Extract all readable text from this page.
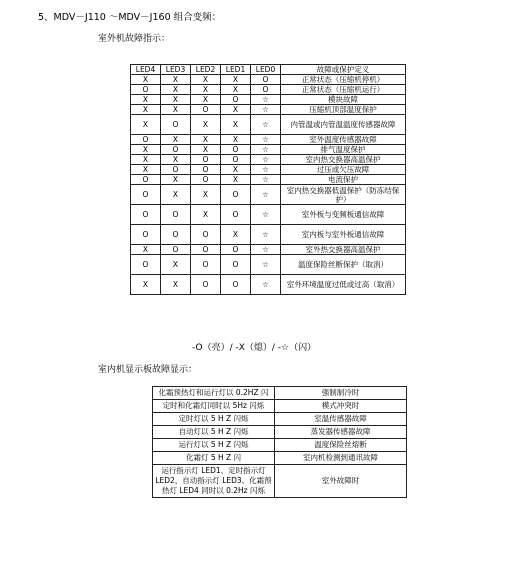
5、MDV－J110 ～MDV－J160 组合变频：
室外机故障指示：
LED4	LED3	LED2	LED1	LED0	故障或保护定义
X	X	X	X	O	正常状态（压缩机停机）
O	X	X	X	O	正常状态（压缩机运行）
X	X	X	O	☆	模块故障
X	X	O	X	☆	压缩机顶部温度保护
X	O	X	X	☆	内管温或内管温温度传感器故障
O	X	X	X	☆	室外温度传感器故障
X	O	X	O	☆	排气温度保护
X	X	O	O	☆	室内热交换器高温保护
X	O	O	X	☆	过压或欠压故障
O	X	O	X	☆	电流保护
O	X	X	O	☆	室内热交换器低温保护（防冻结保护）
O	O	X	O	☆	室外板与变频板通信故障
O	O	O	X	☆	室内板与室外板通信故障
X	O	O	O	☆	室外热交换器高温保护
O	X	O	O	☆	温度保险丝断保护（取消）
X	X	O	O	☆	室外环境温度过低或过高（取消）
-O（亮）/ -X（熄）/ -☆（闪）
室内机显示板故障显示：
化霜预热灯和运行灯以 0.2HZ 闪	强制制冷时
定时和化霜灯同时以 5Hz 闪烁	模式冲突时
定时灯以 5 H Z 闪烁	室温传感器故障
自动灯以 5 H Z 闪烁	蒸发器传感器故障
运行灯以 5 H Z 闪烁	温度保险丝熔断
化霜灯 5 H Z 闪	室内机检测到通讯故障
运行指示灯 LED1、定时指示灯 LED2、自动指示灯 LED3、化霜预热灯 LED4 同时以 0.2Hz 闪烁	室外故障时
